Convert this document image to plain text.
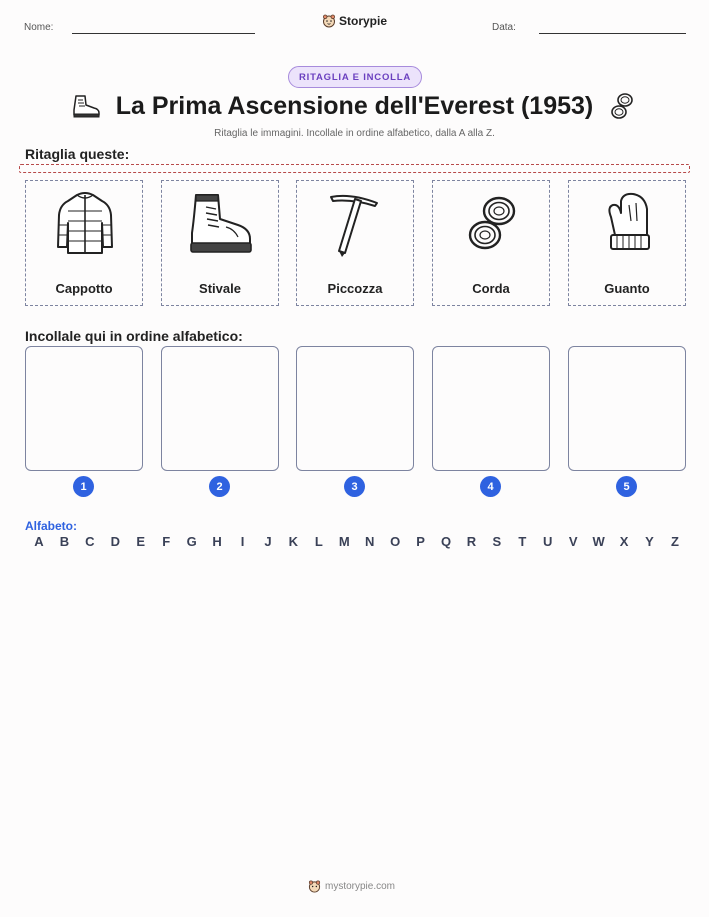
Nome:	Storypie	Data:
RITAGLIA E INCOLLA
La Prima Ascensione dell'Everest (1953)
Ritaglia le immagini. Incollale in ordine alfabetico, dalla A alla Z.
Ritaglia queste:
Cappotto	Stivale	Piccozza	Corda	Guanto
Incollale qui in ordine alfabetico:
1	2	3	4	5
Alfabeto:
A B C D E F G H	I	J K L M N O P Q R S T U V W X Y Z
mystorypie.com
